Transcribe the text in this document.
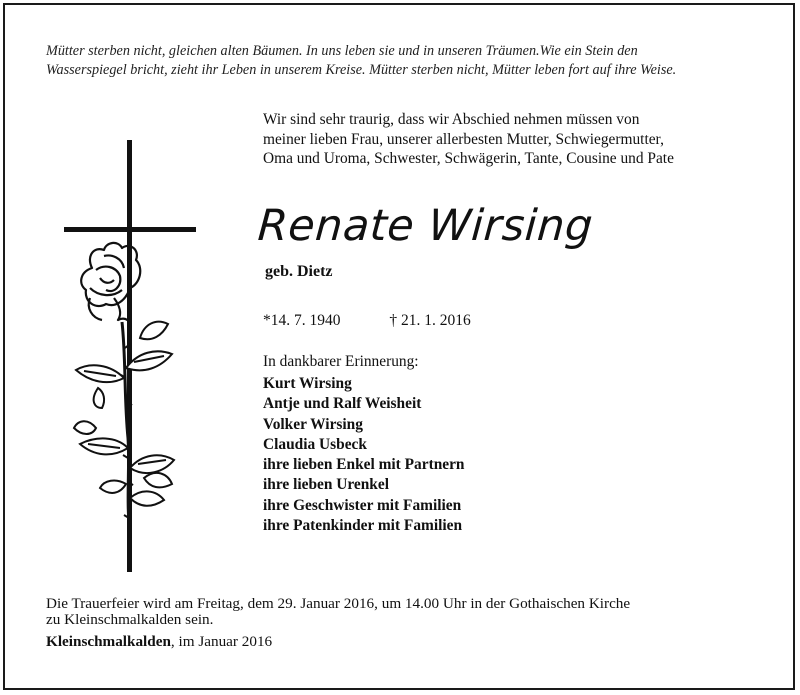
Mütter sterben nicht, gleichen alten Bäumen. In uns leben sie und in unseren Träumen.Wie ein Stein den
Wasserspiegel bricht, zieht ihr Leben in unserem Kreise. Mütter sterben nicht, Mütter leben fort auf ihre Weise.
Wir sind sehr traurig, dass wir Abschied nehmen müssen von
meiner lieben Frau, unserer allerbesten Mutter, Schwiegermutter,
Oma und Uroma, Schwester, Schwägerin, Tante, Cousine und Pate
Renate Wirsing
geb. Dietz
*14. 7. 1940	† 21. 1. 2016
In dankbarer Erinnerung:
Kurt Wirsing
Antje und Ralf Weisheit
Volker Wirsing
Claudia Usbeck
ihre lieben Enkel mit Partnern
ihre lieben Urenkel
ihre Geschwister mit Familien
ihre Patenkinder mit Familien
Die Trauerfeier wird am Freitag, dem 29. Januar 2016, um 14.00 Uhr in der Gothaischen Kirche
zu Kleinschmalkalden sein.
Kleinschmalkalden, im Januar 2016
